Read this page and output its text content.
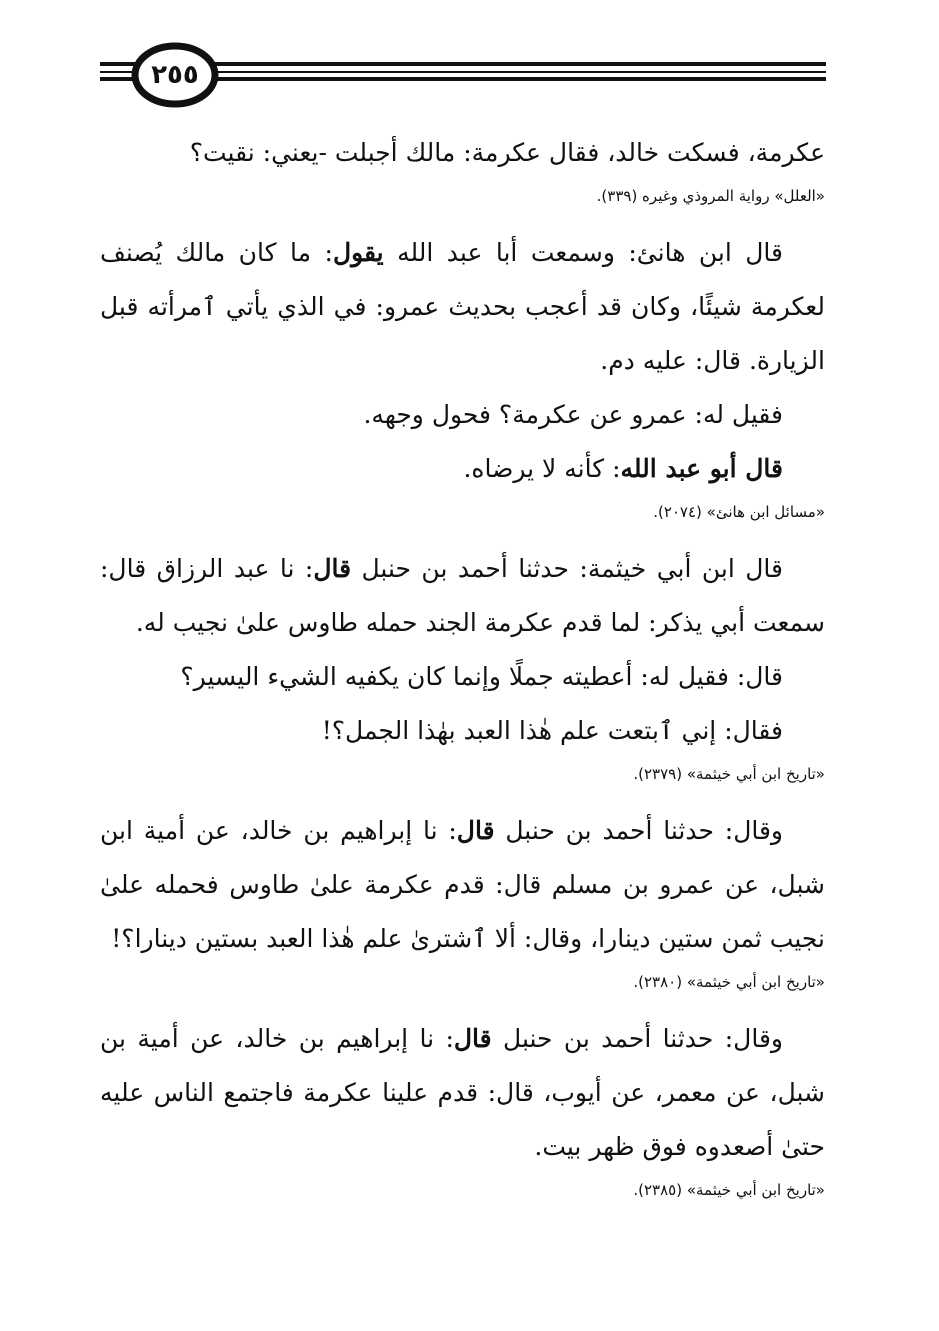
٢٥٥

عكرمة، فسكت خالد، فقال عكرمة: مالك أجبلت -يعني: نقيت؟

«العلل» رواية المروذي وغيره (٣٣٩).

قال ابن هانئ: وسمعت أبا عبد الله يقول: ما كان مالك يُصنف لعكرمة شيئًا، وكان قد أعجب بحديث عمرو: في الذي يأتي ٱمرأته قبل الزيارة. قال: عليه دم.

فقيل له: عمرو عن عكرمة؟ فحول وجهه.

قال أبو عبد الله: كأنه لا يرضاه.

«مسائل ابن هانئ» (٢٠٧٤).

قال ابن أبي خيثمة: حدثنا أحمد بن حنبل قال: نا عبد الرزاق قال: سمعت أبي يذكر: لما قدم عكرمة الجند حمله طاوس علىٰ نجيب له.

قال: فقيل له: أعطيته جملًا وإنما كان يكفيه الشيء اليسير؟

فقال: إني ٱبتعت علم هٰذا العبد بهٰذا الجمل؟!

«تاريخ ابن أبي خيثمة» (٢٣٧٩).

وقال: حدثنا أحمد بن حنبل قال: نا إبراهيم بن خالد، عن أمية ابن شبل، عن عمرو بن مسلم قال: قدم عكرمة علىٰ طاوس فحمله علىٰ نجيب ثمن ستين دينارا، وقال: ألا ٱشترىٰ علم هٰذا العبد بستين دينارا؟!

«تاريخ ابن أبي خيثمة» (٢٣٨٠).

وقال: حدثنا أحمد بن حنبل قال: نا إبراهيم بن خالد، عن أمية بن شبل، عن معمر، عن أيوب، قال: قدم علينا عكرمة فاجتمع الناس عليه حتىٰ أصعدوه فوق ظهر بيت.

«تاريخ ابن أبي خيثمة» (٢٣٨٥).
